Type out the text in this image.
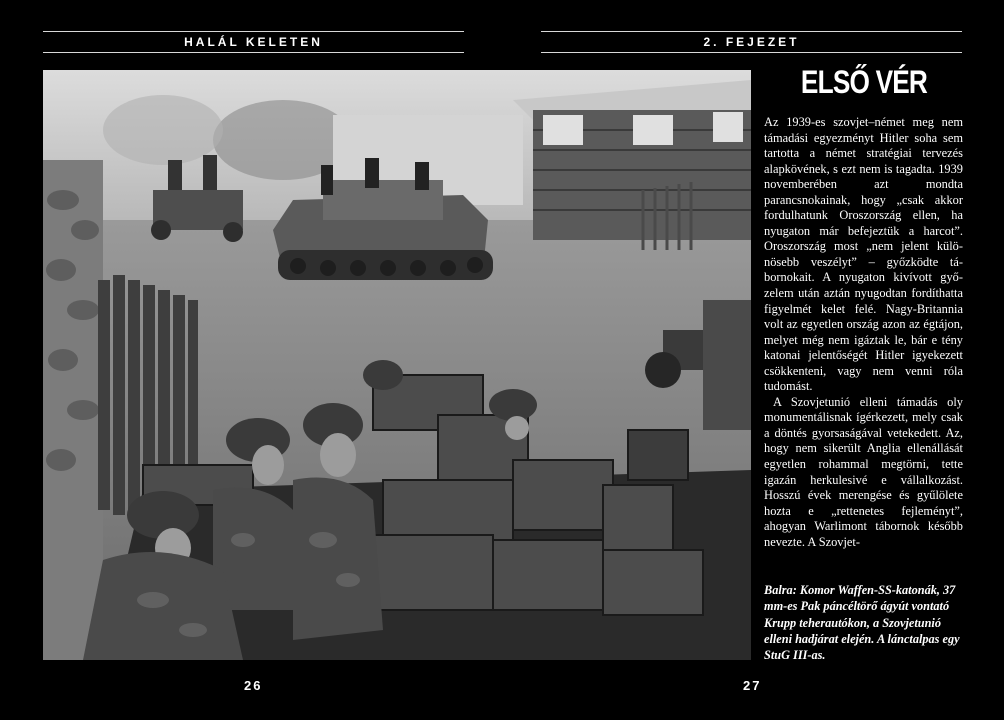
HALÁL KELETEN	2. FEJEZET
ELSŐ VÉR

Az 1939-es szovjet–német meg nem támadási egyezményt Hitler soha sem tartotta a német stratégiai tervezés alapkövének, s ezt nem is tagadta. 1939 novemberében azt mondta parancsnokainak, hogy „csak akkor fordulhatunk Oroszország ellen, ha nyugaton már befejeztük a harcot”. Oroszország most „nem jelent különösebb veszélyt” – győzködte tábornokait. A nyugaton kivívott győzelem után aztán nyugodtan fordíthatta figyelmét kelet felé. Nagy-Britannia volt az egyetlen ország azon az égtájon, melyet még nem igáztak le, bár e tény katonai jelentőségét Hitler igyekezett csökkenteni, vagy nem venni róla tudomást.

A Szovjetunió elleni támadás oly monumentálisnak ígérkezett, mely csak a döntés gyorsaságával vetekedett. Az, hogy nem sikerült Anglia ellenállását egyetlen rohammal megtörni, tette igazán herkulesivé e vállalkozást. Hosszú évek merengése és gyűlölete hozta e „rettenetes fejleményt”, ahogyan Warlimont tábornok később nevezte. A Szovjet-

Balra: Komor Waffen-SS-katonák, 37 mm-es Pak páncéltörő ágyút vontató Krupp teherautókon, a Szovjetunió elleni hadjárat elején. A lánctalpas egy StuG III-as.
26	27
